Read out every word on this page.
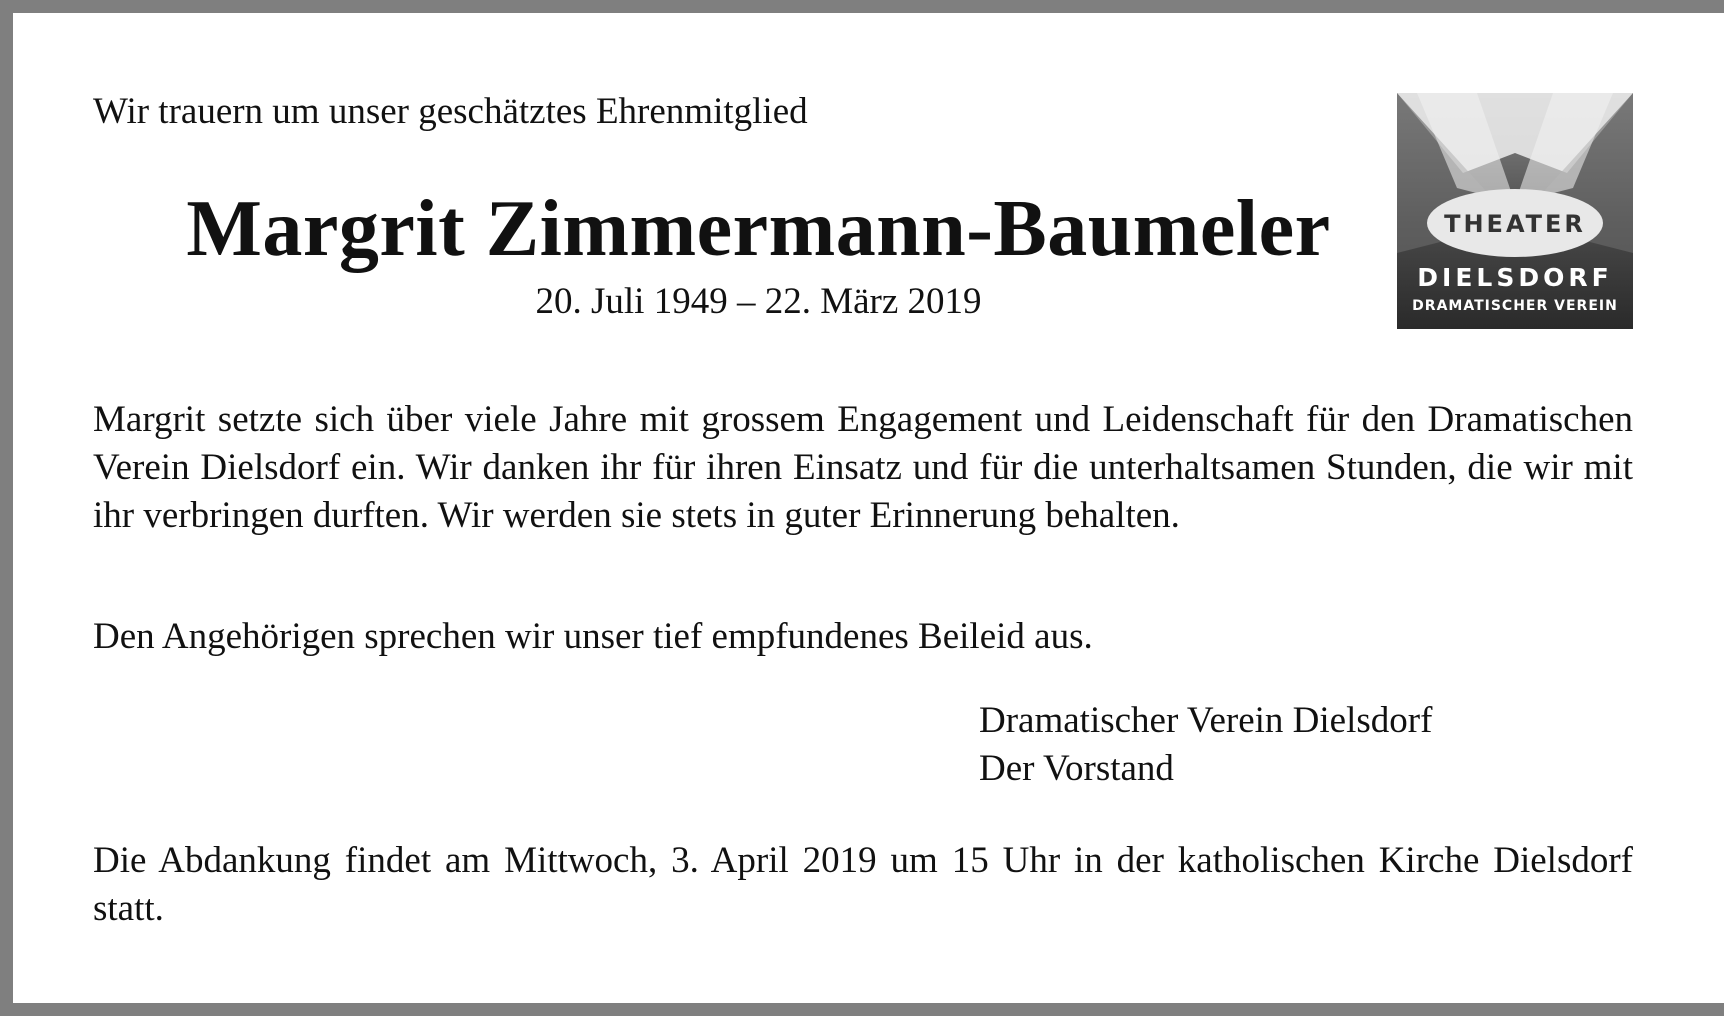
Wir trauern um unser geschätztes Ehrenmitglied
Margrit Zimmermann-Baumeler
20. Juli 1949 – 22. März 2019
THEATER
DIELSDORF
DRAMATISCHER VEREIN

Margrit setzte sich über viele Jahre mit grossem Engagement und Leidenschaft für den Dramatischen Verein Dielsdorf ein. Wir danken ihr für ihren Einsatz und für die unterhaltsamen Stunden, die wir mit ihr verbringen durften. Wir werden sie stets in guter Erinnerung behalten.

Den Angehörigen sprechen wir unser tief empfundenes Beileid aus.

Dramatischer Verein Dielsdorf
Der Vorstand

Die Abdankung findet am Mittwoch, 3. April 2019 um 15 Uhr in der katholischen Kirche Dielsdorf statt.
